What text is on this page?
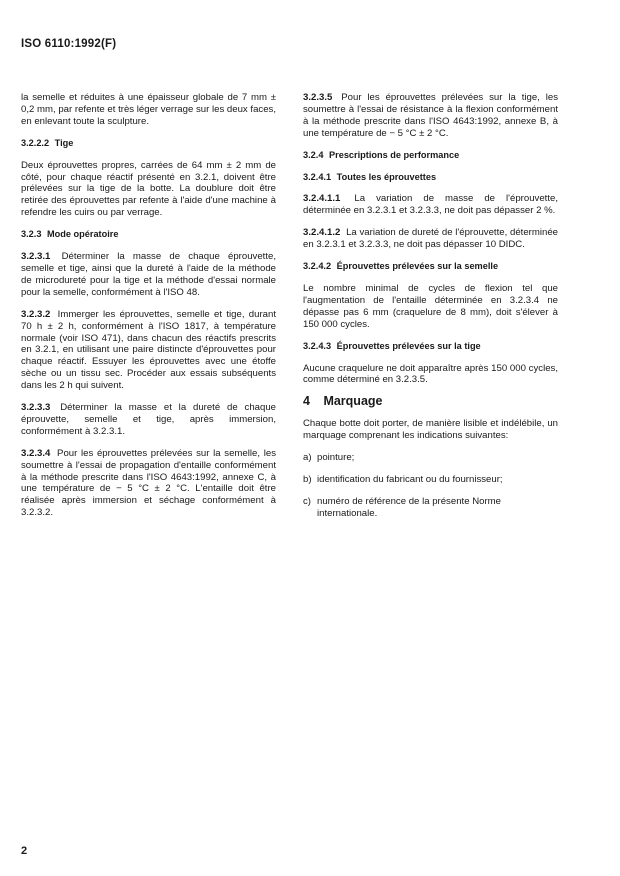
ISO 6110:1992(F)

la semelle et réduites à une épaisseur globale de 7 mm ± 0,2 mm, par refente et très léger verrage sur les deux faces, en enlevant toute la sculpture.

3.2.2.2 Tige

Deux éprouvettes propres, carrées de 64 mm ± 2 mm de côté, pour chaque réactif présenté en 3.2.1, doivent être prélevées sur la tige de la botte. La doublure doit être retirée des éprouvettes par refente à l'aide d'une machine à refendre les cuirs ou par verrage.

3.2.3 Mode opératoire

3.2.3.1 Déterminer la masse de chaque éprouvette, semelle et tige, ainsi que la dureté à l'aide de la méthode de microdureté pour la tige et la méthode d'essai normale pour la semelle, conformément à l'ISO 48.

3.2.3.2 Immerger les éprouvettes, semelle et tige, durant 70 h ± 2 h, conformément à l'ISO 1817, à température normale (voir ISO 471), dans chacun des réactifs prescrits en 3.2.1, en utilisant une paire distincte d'éprouvettes pour chaque réactif. Essuyer les éprouvettes avec une étoffe sèche ou un tissu sec. Procéder aux essais subséquents dans les 2 h qui suivent.

3.2.3.3 Déterminer la masse et la dureté de chaque éprouvette, semelle et tige, après immersion, conformément à 3.2.3.1.

3.2.3.4 Pour les éprouvettes prélevées sur la semelle, les soumettre à l'essai de propagation d'entaille conformément à la méthode prescrite dans l'ISO 4643:1992, annexe C, à une température de − 5 °C ± 2 °C. L'entaille doit être réalisée après immersion et séchage conformément à 3.2.3.2.

3.2.3.5 Pour les éprouvettes prélevées sur la tige, les soumettre à l'essai de résistance à la flexion conformément à la méthode prescrite dans l'ISO 4643:1992, annexe B, à une température de − 5 °C ± 2 °C.

3.2.4 Prescriptions de performance
3.2.4.1 Toutes les éprouvettes

3.2.4.1.1 La variation de masse de l'éprouvette, déterminée en 3.2.3.1 et 3.2.3.3, ne doit pas dépasser 2 %.

3.2.4.1.2 La variation de dureté de l'éprouvette, déterminée en 3.2.3.1 et 3.2.3.3, ne doit pas dépasser 10 DIDC.

3.2.4.2 Éprouvettes prélevées sur la semelle

Le nombre minimal de cycles de flexion tel que l'augmentation de l'entaille déterminée en 3.2.3.4 ne dépasse pas 6 mm (craquelure de 8 mm), doit s'élever à 150 000 cycles.

3.2.4.3 Éprouvettes prélevées sur la tige

Aucune craquelure ne doit apparaître après 150 000 cycles, comme déterminé en 3.2.3.5.

4 Marquage

Chaque botte doit porter, de manière lisible et indélébile, un marquage comprenant les indications suivantes:

a) pointure;
b) identification du fabricant ou du fournisseur;
c) numéro de référence de la présente Norme internationale.
2
